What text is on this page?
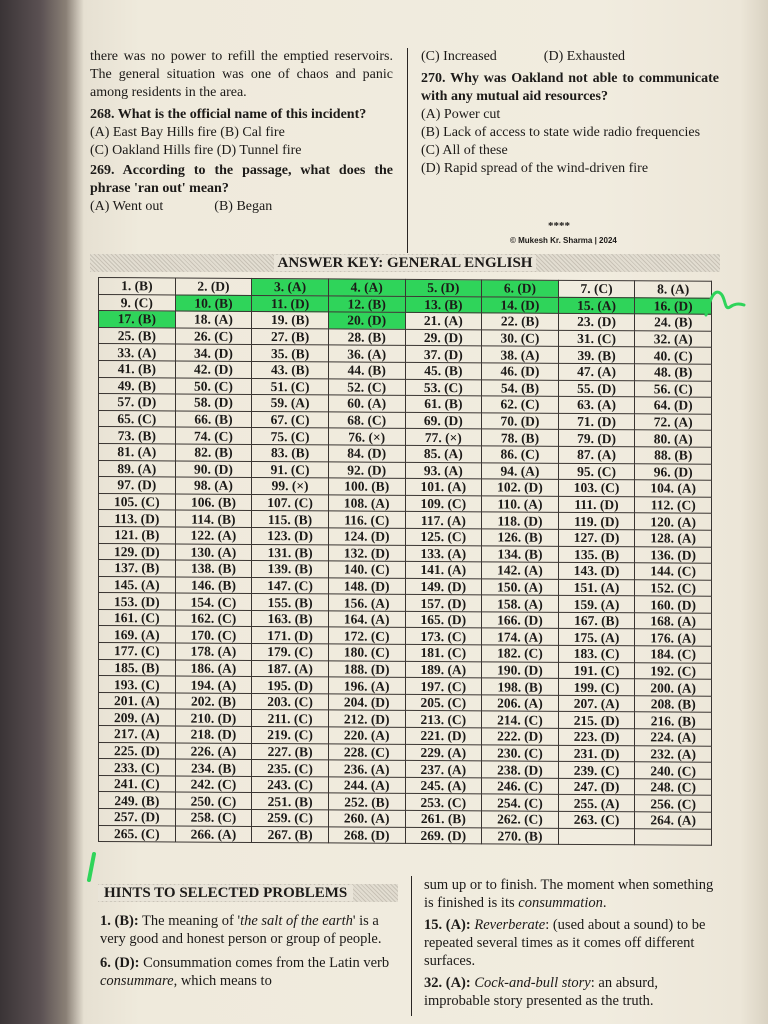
there was no power to refill the emptied reservoirs. The general situation was one of chaos and panic among residents in the area.

268. What is the official name of this incident?

(A) East Bay Hills fire (B) Cal fire

(C) Oakland Hills fire (D) Tunnel fire

269. According to the passage, what does the phrase 'ran out' mean?

(A) Went out	(B) Began

(C) Increased	(D) Exhausted

270. Why was Oakland not able to communicate with any mutual aid resources?

(A) Power cut

(B) Lack of access to state wide radio frequencies

(C) All of these

(D) Rapid spread of the wind-driven fire

****
© Mukesh Kr. Sharma | 2024
ANSWER KEY: GENERAL ENGLISH
1. (B)	2. (D)	3. (A)	4. (A)	5. (D)	6. (D)	7. (C)	8. (A)
9. (C)	10. (B)	11. (D)	12. (B)	13. (B)	14. (D)	15. (A)	16. (D)
17. (B)	18. (A)	19. (B)	20. (D)	21. (A)	22. (B)	23. (D)	24. (B)
25. (B)	26. (C)	27. (B)	28. (B)	29. (D)	30. (C)	31. (C)	32. (A)
33. (A)	34. (D)	35. (B)	36. (A)	37. (D)	38. (A)	39. (B)	40. (C)
41. (B)	42. (D)	43. (B)	44. (B)	45. (B)	46. (D)	47. (A)	48. (B)
49. (B)	50. (C)	51. (C)	52. (C)	53. (C)	54. (B)	55. (D)	56. (C)
57. (D)	58. (D)	59. (A)	60. (A)	61. (B)	62. (C)	63. (A)	64. (D)
65. (C)	66. (B)	67. (C)	68. (C)	69. (D)	70. (D)	71. (D)	72. (A)
73. (B)	74. (C)	75. (C)	76. (×)	77. (×)	78. (B)	79. (D)	80. (A)
81. (A)	82. (B)	83. (B)	84. (D)	85. (A)	86. (C)	87. (A)	88. (B)
89. (A)	90. (D)	91. (C)	92. (D)	93. (A)	94. (A)	95. (C)	96. (D)
97. (D)	98. (A)	99. (×)	100. (B)	101. (A)	102. (D)	103. (C)	104. (A)
105. (C)	106. (B)	107. (C)	108. (A)	109. (C)	110. (A)	111. (D)	112. (C)
113. (D)	114. (B)	115. (B)	116. (C)	117. (A)	118. (D)	119. (D)	120. (A)
121. (B)	122. (A)	123. (D)	124. (D)	125. (C)	126. (B)	127. (D)	128. (A)
129. (D)	130. (A)	131. (B)	132. (D)	133. (A)	134. (B)	135. (B)	136. (D)
137. (B)	138. (B)	139. (B)	140. (C)	141. (A)	142. (A)	143. (D)	144. (C)
145. (A)	146. (B)	147. (C)	148. (D)	149. (D)	150. (A)	151. (A)	152. (C)
153. (D)	154. (C)	155. (B)	156. (A)	157. (D)	158. (A)	159. (A)	160. (D)
161. (C)	162. (C)	163. (B)	164. (A)	165. (D)	166. (D)	167. (B)	168. (A)
169. (A)	170. (C)	171. (D)	172. (C)	173. (C)	174. (A)	175. (A)	176. (A)
177. (C)	178. (A)	179. (C)	180. (C)	181. (C)	182. (C)	183. (C)	184. (C)
185. (B)	186. (A)	187. (A)	188. (D)	189. (A)	190. (D)	191. (C)	192. (C)
193. (C)	194. (A)	195. (D)	196. (A)	197. (C)	198. (B)	199. (C)	200. (A)
201. (A)	202. (B)	203. (C)	204. (D)	205. (C)	206. (A)	207. (A)	208. (B)
209. (A)	210. (D)	211. (C)	212. (D)	213. (C)	214. (C)	215. (D)	216. (B)
217. (A)	218. (D)	219. (C)	220. (A)	221. (D)	222. (D)	223. (D)	224. (A)
225. (D)	226. (A)	227. (B)	228. (C)	229. (A)	230. (C)	231. (D)	232. (A)
233. (C)	234. (B)	235. (C)	236. (A)	237. (A)	238. (D)	239. (C)	240. (C)
241. (C)	242. (C)	243. (C)	244. (A)	245. (A)	246. (C)	247. (D)	248. (C)
249. (B)	250. (C)	251. (B)	252. (B)	253. (C)	254. (C)	255. (A)	256. (C)
257. (D)	258. (C)	259. (C)	260. (A)	261. (B)	262. (C)	263. (C)	264. (A)
265. (C)	266. (A)	267. (B)	268. (D)	269. (D)	270. (B)		
HINTS TO SELECTED PROBLEMS

1. (B): The meaning of 'the salt of the earth' is a very good and honest person or group of people.

6. (D): Consummation comes from the Latin verb consummare, which means to

sum up or to finish. The moment when something is finished is its consummation.

15. (A): Reverberate: (used about a sound) to be repeated several times as it comes off different surfaces.

32. (A): Cock-and-bull story: an absurd, improbable story presented as the truth.
